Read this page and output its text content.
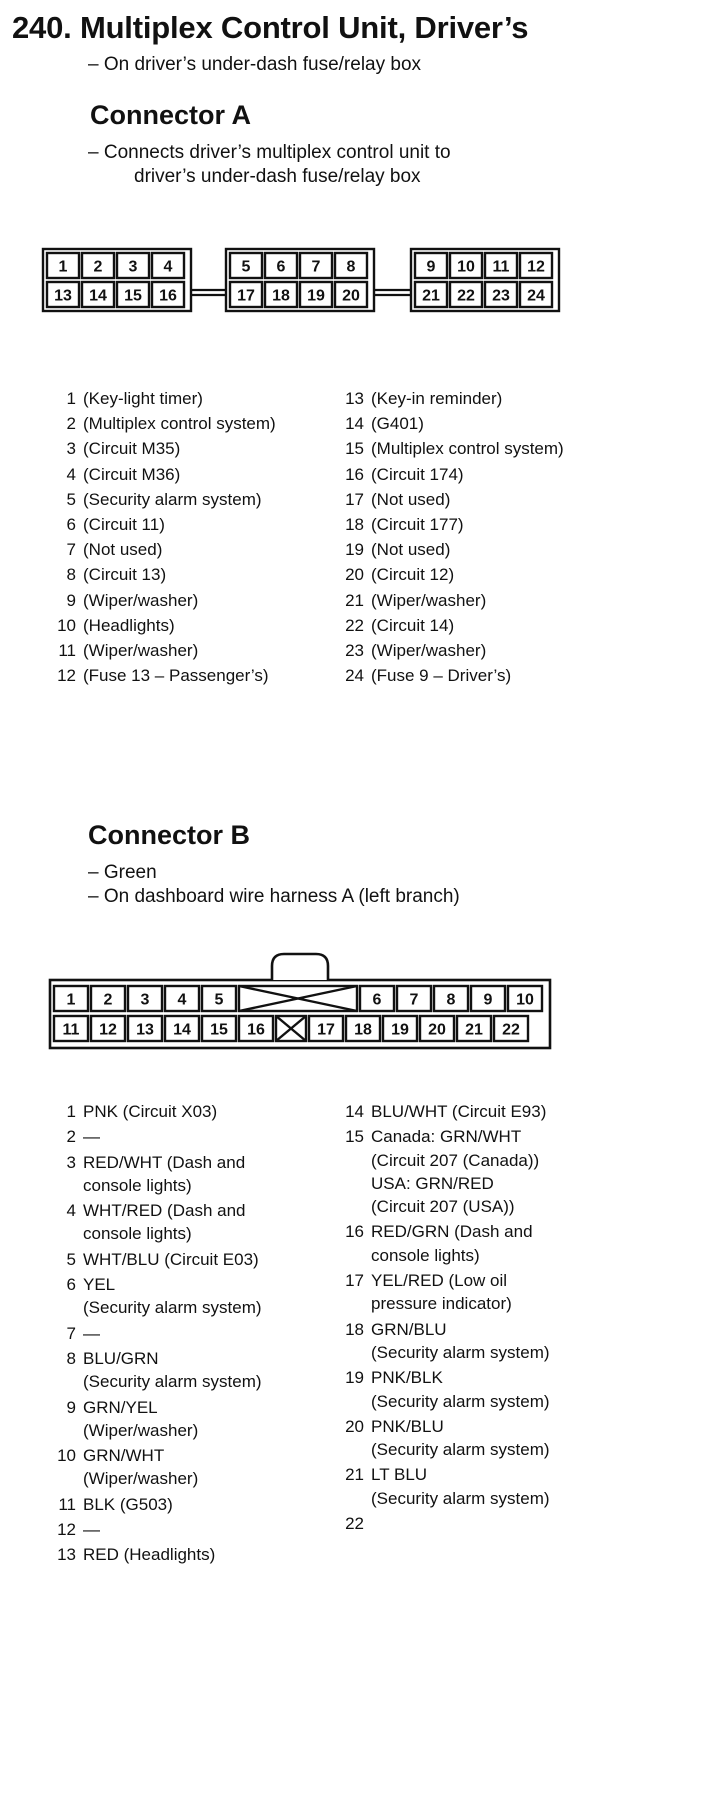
240. Multiplex Control Unit, Driver’s
– On driver’s under-dash fuse/relay box
Connector A
– Connects driver’s multiplex control unit to
driver’s under-dash fuse/relay box
1
13
2
14
3
15
4
16
5
17
6
18
7
19
8
20
9
21
10
22
11
23
12
24
1 (Key-light timer)
2 (Multiplex control system)
3 (Circuit M35)
4 (Circuit M36)
5 (Security alarm system)
6 (Circuit 11)
7 (Not used)
8 (Circuit 13)
9 (Wiper/washer)
10 (Headlights)
11 (Wiper/washer)
12 (Fuse 13 – Passenger’s)
13 (Key-in reminder)
14 (G401)
15 (Multiplex control system)
16 (Circuit 174)
17 (Not used)
18 (Circuit 177)
19 (Not used)
20 (Circuit 12)
21 (Wiper/washer)
22 (Circuit 14)
23 (Wiper/washer)
24 (Fuse 9 – Driver’s)
Connector B
– Green
– On dashboard wire harness A (left branch)
1 2 3 4 5	6 7 8 9 10
11 12 13 14 15 16	17 18 19 20 21 22
1 PNK (Circuit X03)
2 —
3 RED/WHT (Dash and
console lights)
4 WHT/RED (Dash and
console lights)
5 WHT/BLU (Circuit E03)
6 YEL
(Security alarm system)
7 —
8 BLU/GRN
(Security alarm system)
9 GRN/YEL
(Wiper/washer)
10 GRN/WHT
(Wiper/washer)
11 BLK (G503)
12 —
13 RED (Headlights)
14 BLU/WHT (Circuit E93)
15 Canada: GRN/WHT
(Circuit 207 (Canada))
USA: GRN/RED
(Circuit 207 (USA))
16 RED/GRN (Dash and
console lights)
17 YEL/RED (Low oil
pressure indicator)
18 GRN/BLU
(Security alarm system)
19 PNK/BLK
(Security alarm system)
20 PNK/BLU
(Security alarm system)
21 LT BLU
(Security alarm system)
22
